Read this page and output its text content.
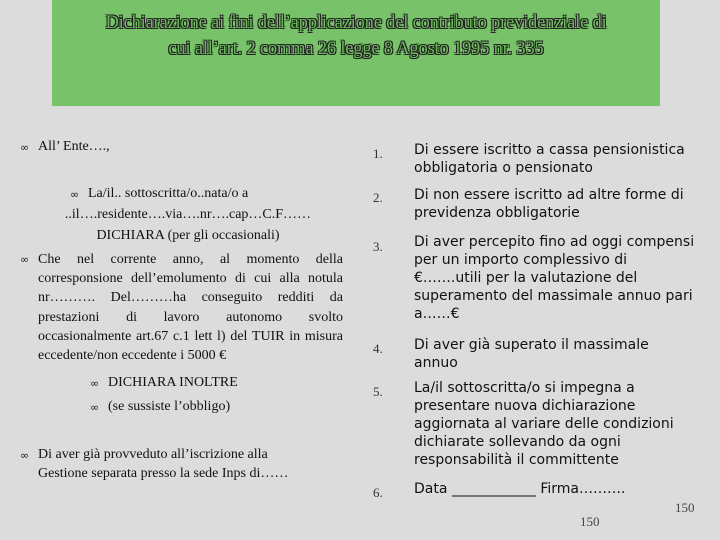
Dichiarazione ai fini dell’applicazione del contributo previdenziale di
cui all’art. 2 comma 26 legge 8 Agosto 1995 nr. 335
∞ All’ Ente….,
∞ La/il.. sottoscritta/o..nata/o a
..il….residente….via….nr….cap…C.F……
DICHIARA (per gli occasionali)
∞ Che nel corrente anno, al momento della corresponsione dell’emolumento di cui alla notula nr………. Del………ha conseguito redditi da prestazioni di lavoro autonomo svolto occasionalmente art.67 c.1 lett l) del TUIR in misura eccedente/non eccedente i 5000 €
∞ DICHIARA INOLTRE
∞ (se sussiste l’obbligo)
∞ Di aver già provveduto all’iscrizione alla
Gestione separata presso la sede Inps di……
1.	Di essere iscritto a cassa pensionistica obbligatoria o pensionato
2.	Di non essere iscritto ad altre forme di previdenza obbligatorie
3.	Di aver percepito fino ad oggi compensi per un importo complessivo di €…….utili per la valutazione del superamento del massimale annuo pari a……€
4.	Di aver già superato il massimale annuo
5.	La/il sottoscritta/o si impegna a presentare nuova dichiarazione aggiornata al variare delle condizioni dichiarate sollevando da ogni responsabilità il committente
6.	Data ____________ Firma……….
150
150
